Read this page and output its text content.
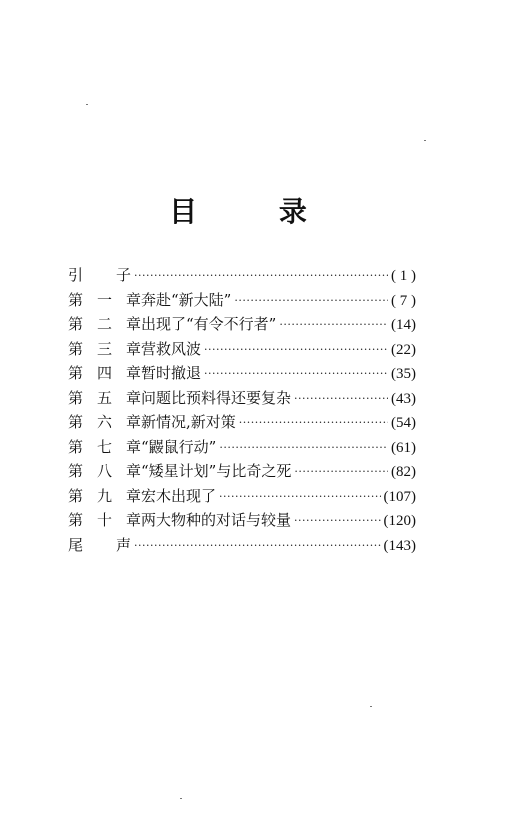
目 录
引 子 ·····	( 1 )
第 一 章 奔赴“新大陆” ·····	( 7 )
第 二 章 出现了“有令不行者” ·····	(14)
第 三 章 营救风波 ·····	(22)
第 四 章 暂时撤退 ·····	(35)
第 五 章 问题比预料得还要复杂 ·····	(43)
第 六 章 新情况,新对策 ·····	(54)
第 七 章 “鼹鼠行动” ·····	(61)
第 八 章 “矮星计划”与比奇之死 ·····	(82)
第 九 章 宏木出现了 ·····	(107)
第 十 章 两大物种的对话与较量 ·····	(120)
尾 声 ·····	(143)
